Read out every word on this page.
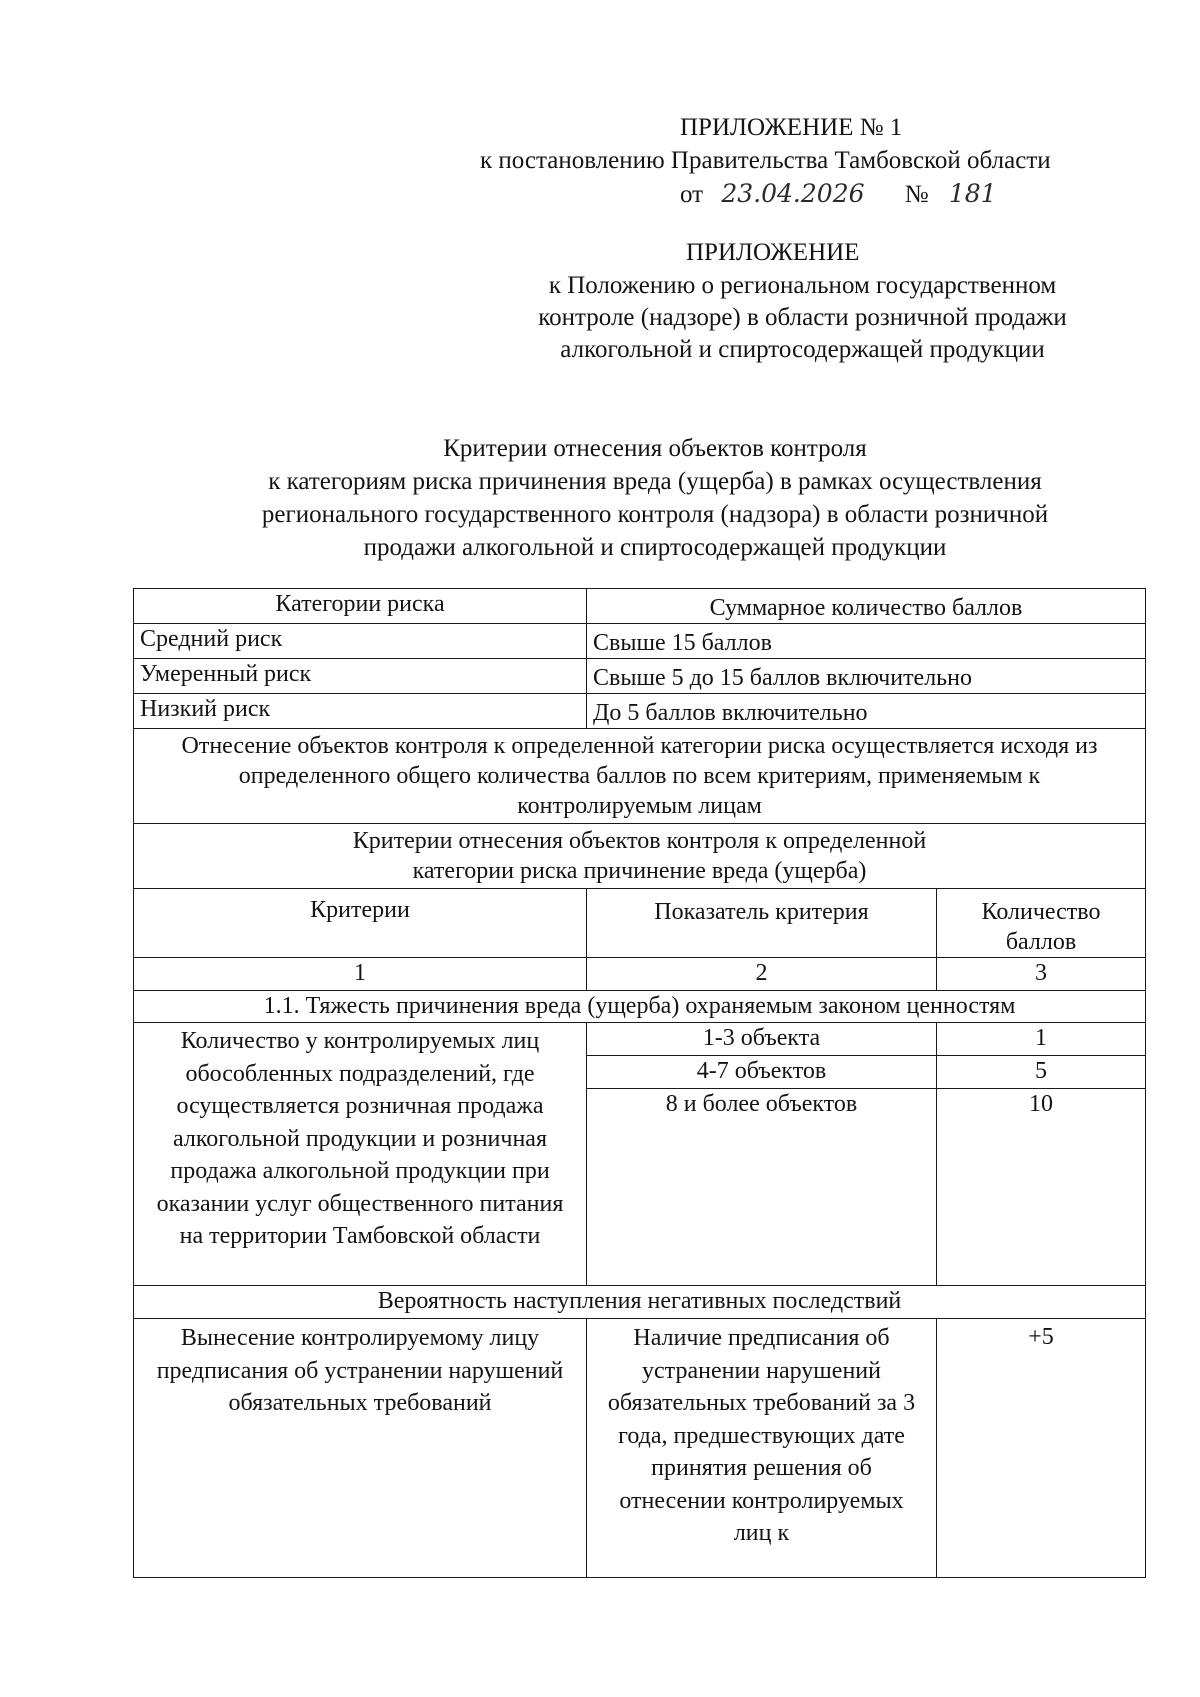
ПРИЛОЖЕНИЕ № 1
к постановлению Правительства Тамбовской области
от 23.04.2026 № 181
ПРИЛОЖЕНИЕ
к Положению о региональном государственном
контроле (надзоре) в области розничной продажи
алкогольной и спиртосодержащей продукции
Критерии отнесения объектов контроля
к категориям риска причинения вреда (ущерба) в рамках осуществления
регионального государственного контроля (надзора) в области розничной
продажи алкогольной и спиртосодержащей продукции
Категории риска	Суммарное количество баллов	
Средний риск	Свыше 15 баллов	
Умеренный риск	Свыше 5 до 15 баллов включительно	
Низкий риск	До 5 баллов включительно	
Отнесение объектов контроля к определенной категории риска осуществляется исходя из определенного общего количества баллов по всем критериям, применяемым к контролируемым лицам		
Критерии отнесения объектов контроля к определенной категории риска причинение вреда (ущерба)		
Критерии	Показатель критерия	Количество баллов
1	2	3
1.1. Тяжесть причинения вреда (ущерба) охраняемым законом ценностям		
Количество у контролируемых лиц обособленных подразделений, где осуществляется розничная продажа алкогольной продукции и розничная продажа алкогольной продукции при оказании услуг общественного питания на территории Тамбовской области	1-3 объекта	1
	4-7 объектов	5
	8 и более объектов	10
Вероятность наступления негативных последствий		
Вынесение контролируемому лицу предписания об устранении нарушений обязательных требований	Наличие предписания об устранении нарушений обязательных требований за 3 года, предшествующих дате принятия решения об отнесении контролируемых лиц к	+5
